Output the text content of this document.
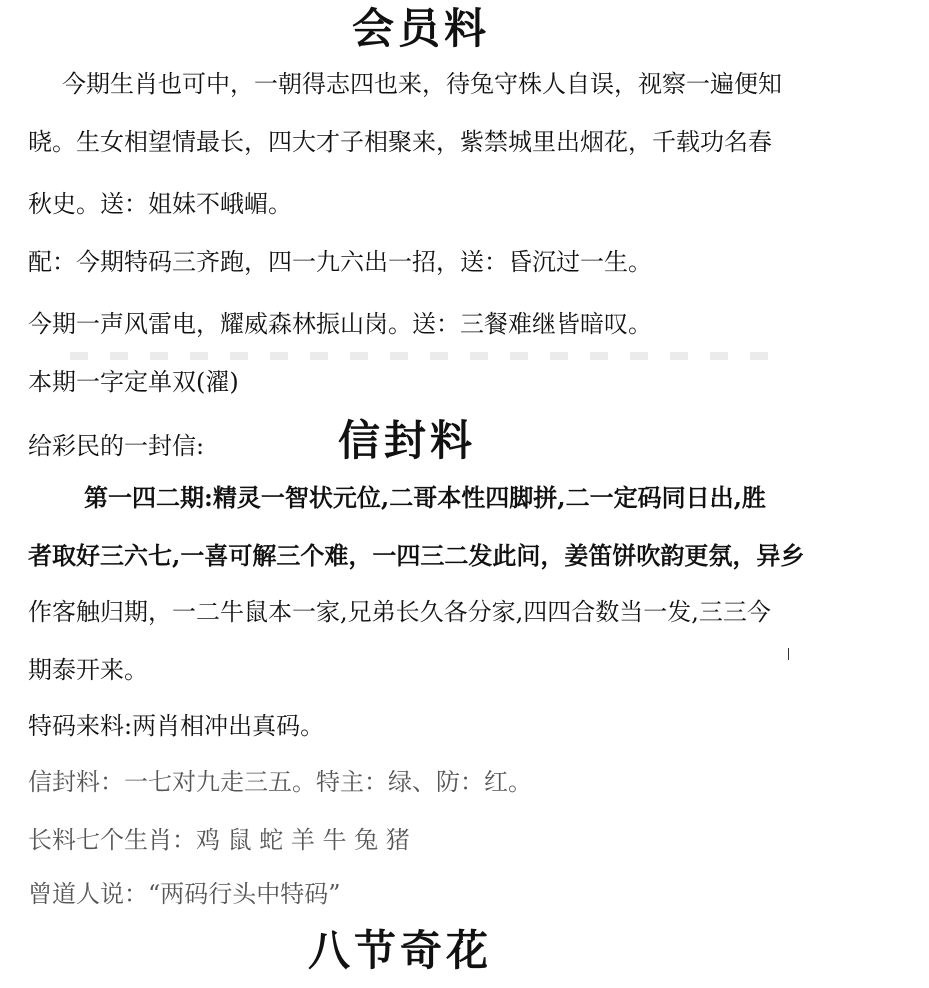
会员料
今期生肖也可中，一朝得志四也来，待兔守株人自误，视察一遍便知
晓。生女相望情最长，四大才子相聚来，紫禁城里出烟花，千载功名春
秋史。送：姐妹不峨嵋。
配：今期特码三齐跑，四一九六出一招，送：昏沉过一生。
今期一声风雷电，耀威森林振山岗。送：三餐难继皆暗叹。
本期一字定单双(濯)
给彩民的一封信:	信封料
第一四二期:精灵一智状元位,二哥本性四脚拼,二一定码同日出,胜
者取好三六七,一喜可解三个难，一四三二发此问，姜笛饼吹韵更氛，异乡
作客触归期，一二牛鼠本一家,兄弟长久各分家,四四合数当一发,三三今
期泰开来。
特码来料:两肖相冲出真码。
信封料：一七对九走三五。特主：绿、防：红。
长料七个生肖：鸡 鼠 蛇 羊 牛 兔 猪
曾道人说：“两码行头中特码”
八节奇花
